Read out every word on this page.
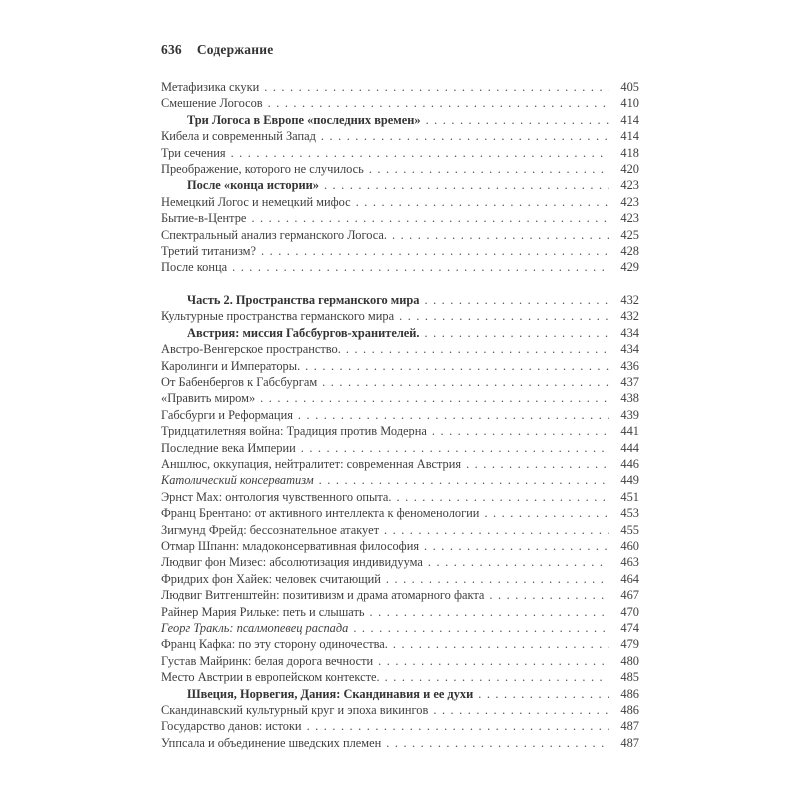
636 Содержание
Метафизика скуки . . .	405
Смешение Логосов . . .	410
Три Логоса в Европе «последних времен» . . .	414
Кибела и современный Запад . . .	414
Три сечения . . .	418
Преображение, которого не случилось . . .	420
После «конца истории» . . .	423
Немецкий Логос и немецкий мифос . . .	423
Бытие-в-Центре . . .	423
Спектральный анализ германского Логоса. . . .	425
Третий титанизм? . . .	428
После конца . . .	429
Часть 2. Пространства германского мира . . .	432
Культурные пространства германского мира . . .	432
Австрия: миссия Габсбургов-хранителей. . . .	434
Австро-Венгерское пространство. . . .	434
Каролинги и Императоры. . . .	436
От Бабенбергов к Габсбургам . . .	437
«Править миром» . . .	438
Габсбурги и Реформация . . .	439
Тридцатилетняя война: Традиция против Модерна . . .	441
Последние века Империи . . .	444
Аншлюс, оккупация, нейтралитет: современная Австрия . . .	446
Католический консерватизм . . .	449
Эрнст Мах: онтология чувственного опыта. . . .	451
Франц Брентано: от активного интеллекта к феноменологии . . .	453
Зигмунд Фрейд: бессознательное атакует . . .	455
Отмар Шпанн: младоконсервативная философия . . .	460
Людвиг фон Мизес: абсолютизация индивидуума . . .	463
Фридрих фон Хайек: человек считающий . . .	464
Людвиг Витгенштейн: позитивизм и драма атомарного факта . . .	467
Райнер Мария Рильке: петь и слышать . . .	470
Георг Тракль: псалмопевец распада . . .	474
Франц Кафка: по эту сторону одиночества. . . .	479
Густав Майринк: белая дорога вечности . . .	480
Место Австрии в европейском контексте. . . .	485
Швеция, Норвегия, Дания: Скандинавия и ее духи . . .	486
Скандинавский культурный круг и эпоха викингов . . .	486
Государство данов: истоки . . .	487
Уппсала и объединение шведских племен . . .	487
